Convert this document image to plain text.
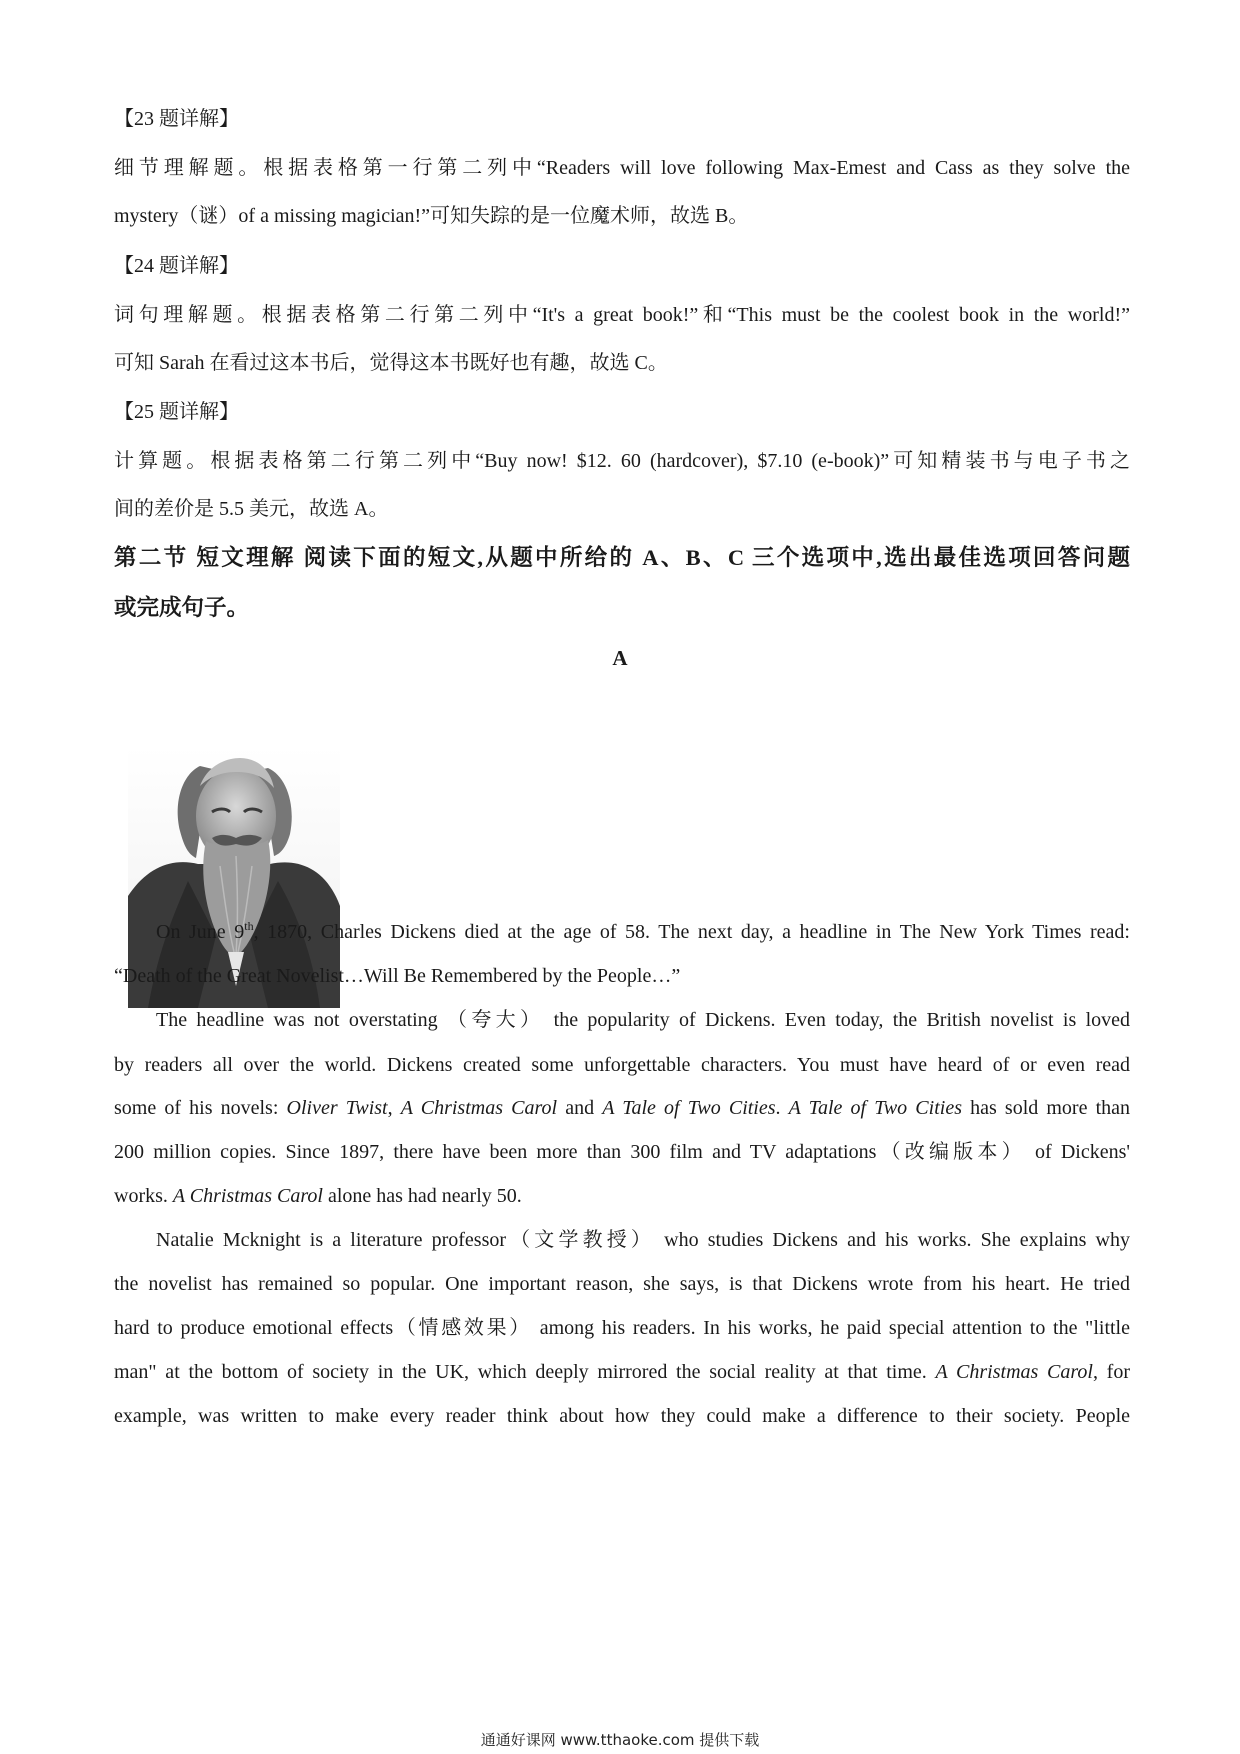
【23 题详解】
细节理解题。根据表格第一行第二列中“Readers will love following Max-Emest and Cass as they solve the
mystery（谜）of a missing magician!”可知失踪的是一位魔术师，故选 B。
【24 题详解】
词句理解题。根据表格第二行第二列中“It's a great book!”和“This must be the coolest book in the world!”
可知 Sarah 在看过这本书后，觉得这本书既好也有趣，故选 C。
【25 题详解】
计算题。根据表格第二行第二列中“Buy now! $12. 60 (hardcover), $7.10 (e-book)”可知精装书与电子书之
间的差价是 5.5 美元，故选 A。
第二节 短文理解 阅读下面的短文,从题中所给的 A、B、C 三个选项中,选出最佳选项回答问题
或完成句子。
A
On June 9th, 1870, Charles Dickens died at the age of 58. The next day, a headline in The New York Times read:
“Death of the Great Novelist…Will Be Remembered by the People…”
The headline was not overstating （夸大） the popularity of Dickens. Even today, the British novelist is loved
by readers all over the world. Dickens created some unforgettable characters. You must have heard of or even read
some of his novels: Oliver Twist, A Christmas Carol and A Tale of Two Cities. A Tale of Two Cities has sold more than
200 million copies. Since 1897, there have been more than 300 film and TV adaptations（改编版本） of Dickens'
works. A Christmas Carol alone has had nearly 50.
Natalie Mcknight is a literature professor（文学教授） who studies Dickens and his works. She explains why
the novelist has remained so popular. One important reason, she says, is that Dickens wrote from his heart. He tried
hard to produce emotional effects（情感效果） among his readers. In his works, he paid special attention to the "little
man" at the bottom of society in the UK, which deeply mirrored the social reality at that time. A Christmas Carol, for
example, was written to make every reader think about how they could make a difference to their society. People
通通好课网 www.tthaoke.com 提供下载
